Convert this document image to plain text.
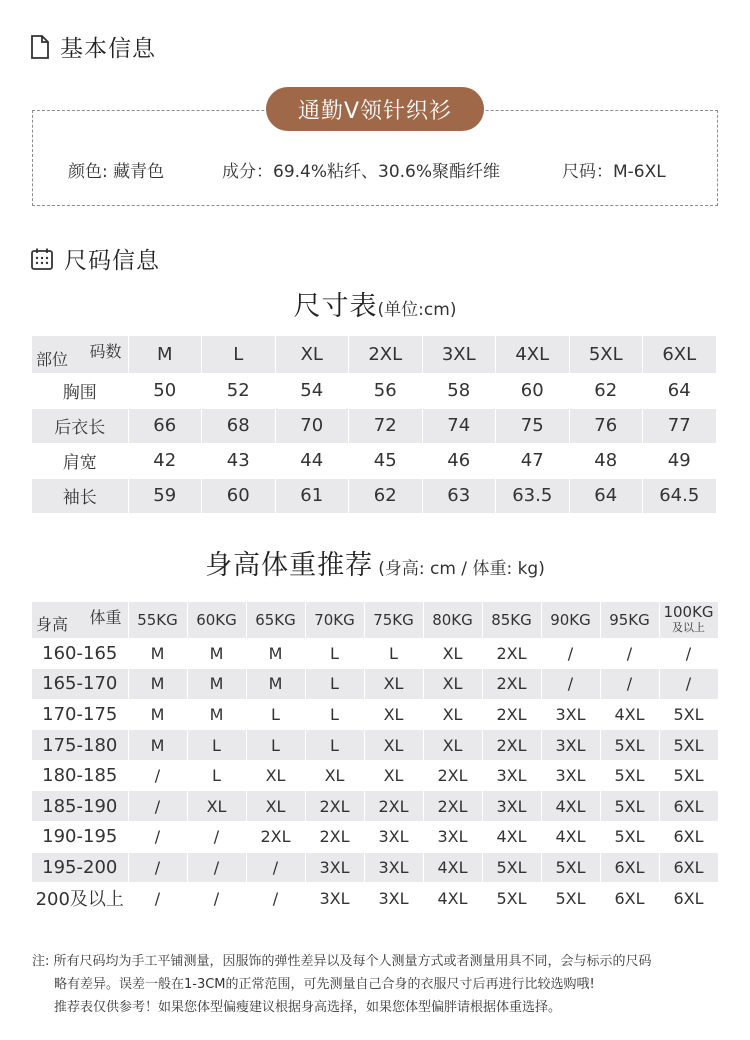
基本信息
通勤V领针织衫
颜色: 藏青色	成分：69.4%粘纤、30.6%聚酯纤维	尺码：M-6XL
尺码信息
尺寸表(单位:cm)
码数
部位	M	L	XL	2XL	3XL	4XL	5XL	6XL
胸围	50	52	54	56	58	60	62	64
后衣长	66	68	70	72	74	75	76	77
肩宽	42	43	44	45	46	47	48	49
袖长	59	60	61	62	63	63.5	64	64.5
身高体重推荐 (身高: cm / 体重: kg)
体重
身高	55KG	60KG	65KG	70KG	75KG	80KG	85KG	90KG	95KG	100KG
及以上

160-165	M	M	M	L	L	XL	2XL	/	/	/
165-170	M	M	M	L	XL	XL	2XL	/	/	/
170-175	M	M	L	L	XL	XL	2XL	3XL	4XL	5XL
175-180	M	L	L	L	XL	XL	2XL	3XL	5XL	5XL
180-185	/	L	XL	XL	XL	2XL	3XL	3XL	5XL	5XL
185-190	/	XL	XL	2XL	2XL	2XL	3XL	4XL	5XL	6XL
190-195	/	/	2XL	2XL	3XL	3XL	4XL	4XL	5XL	6XL
195-200	/	/	/	3XL	3XL	4XL	5XL	5XL	6XL	6XL
200及以上	/	/	/	3XL	3XL	4XL	5XL	5XL	6XL	6XL
注: 所有尺码均为手工平铺测量，因服饰的弹性差异以及每个人测量方式或者测量用具不同，会与标示的尺码
略有差异。误差一般在1-3CM的正常范围，可先测量自己合身的衣服尺寸后再进行比较选购哦!
推荐表仅供参考！如果您体型偏瘦建议根据身高选择，如果您体型偏胖请根据体重选择。
